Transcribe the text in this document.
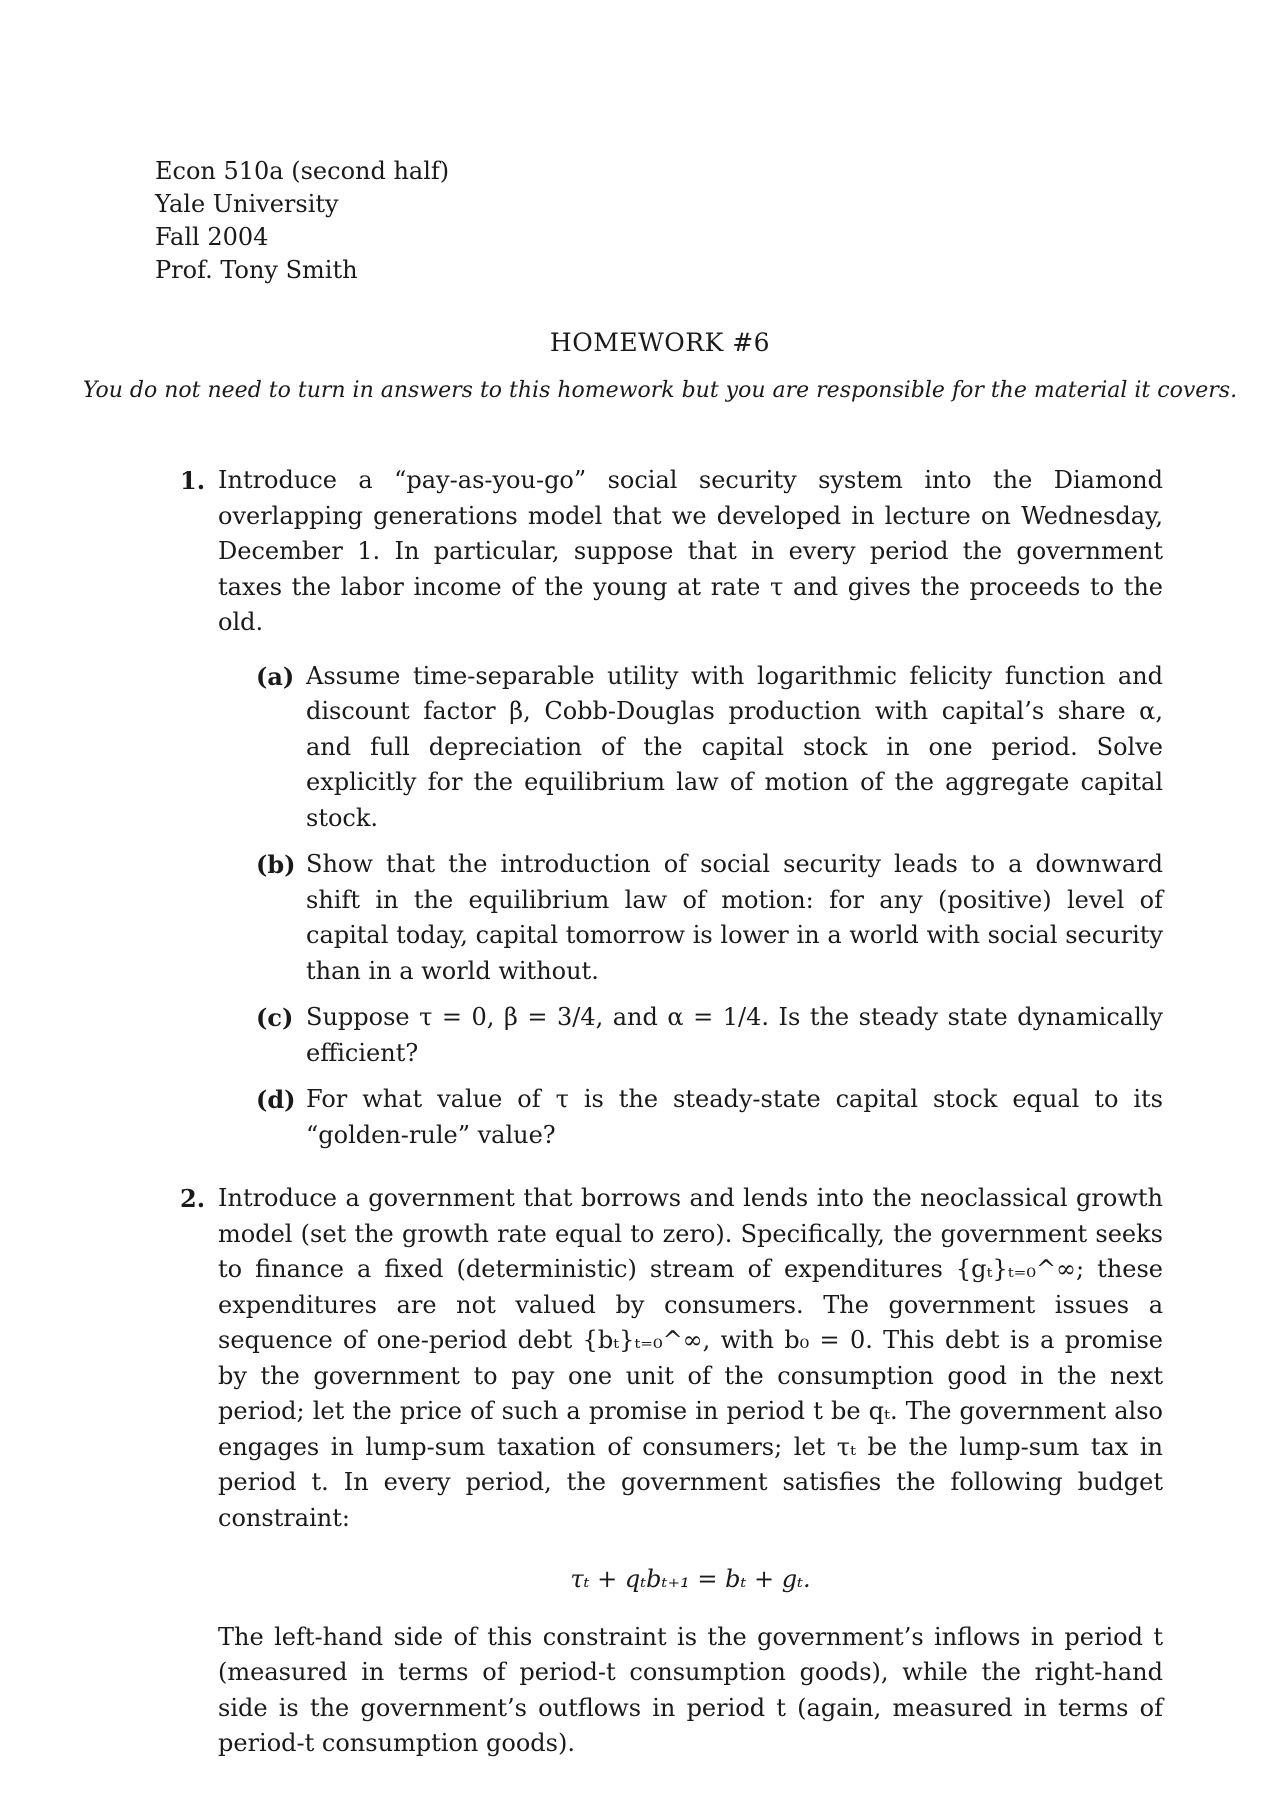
Econ 510a (second half)
Yale University
Fall 2004
Prof. Tony Smith
HOMEWORK #6
You do not need to turn in answers to this homework but you are responsible for the material it covers.
1. Introduce a “pay-as-you-go” social security system into the Diamond overlapping generations model that we developed in lecture on Wednesday, December 1. In particular, suppose that in every period the government taxes the labor income of the young at rate τ and gives the proceeds to the old.
(a) Assume time-separable utility with logarithmic felicity function and discount factor β, Cobb-Douglas production with capital’s share α, and full depreciation of the capital stock in one period. Solve explicitly for the equilibrium law of motion of the aggregate capital stock.
(b) Show that the introduction of social security leads to a downward shift in the equilibrium law of motion: for any (positive) level of capital today, capital tomorrow is lower in a world with social security than in a world without.
(c) Suppose τ = 0, β = 3/4, and α = 1/4. Is the steady state dynamically efficient?
(d) For what value of τ is the steady-state capital stock equal to its “golden-rule” value?
2. Introduce a government that borrows and lends into the neoclassical growth model (set the growth rate equal to zero). Specifically, the government seeks to finance a fixed (deterministic) stream of expenditures {gₜ}ₜ₌₀^∞; these expenditures are not valued by consumers. The government issues a sequence of one-period debt {bₜ}ₜ₌₀^∞, with b₀ = 0. This debt is a promise by the government to pay one unit of the consumption good in the next period; let the price of such a promise in period t be qₜ. The government also engages in lump-sum taxation of consumers; let τₜ be the lump-sum tax in period t. In every period, the government satisfies the following budget constraint:
τₜ + qₜbₜ₊₁ = bₜ + gₜ.
The left-hand side of this constraint is the government’s inflows in period t (measured in terms of period-t consumption goods), while the right-hand side is the government’s outflows in period t (again, measured in terms of period-t consumption goods).
